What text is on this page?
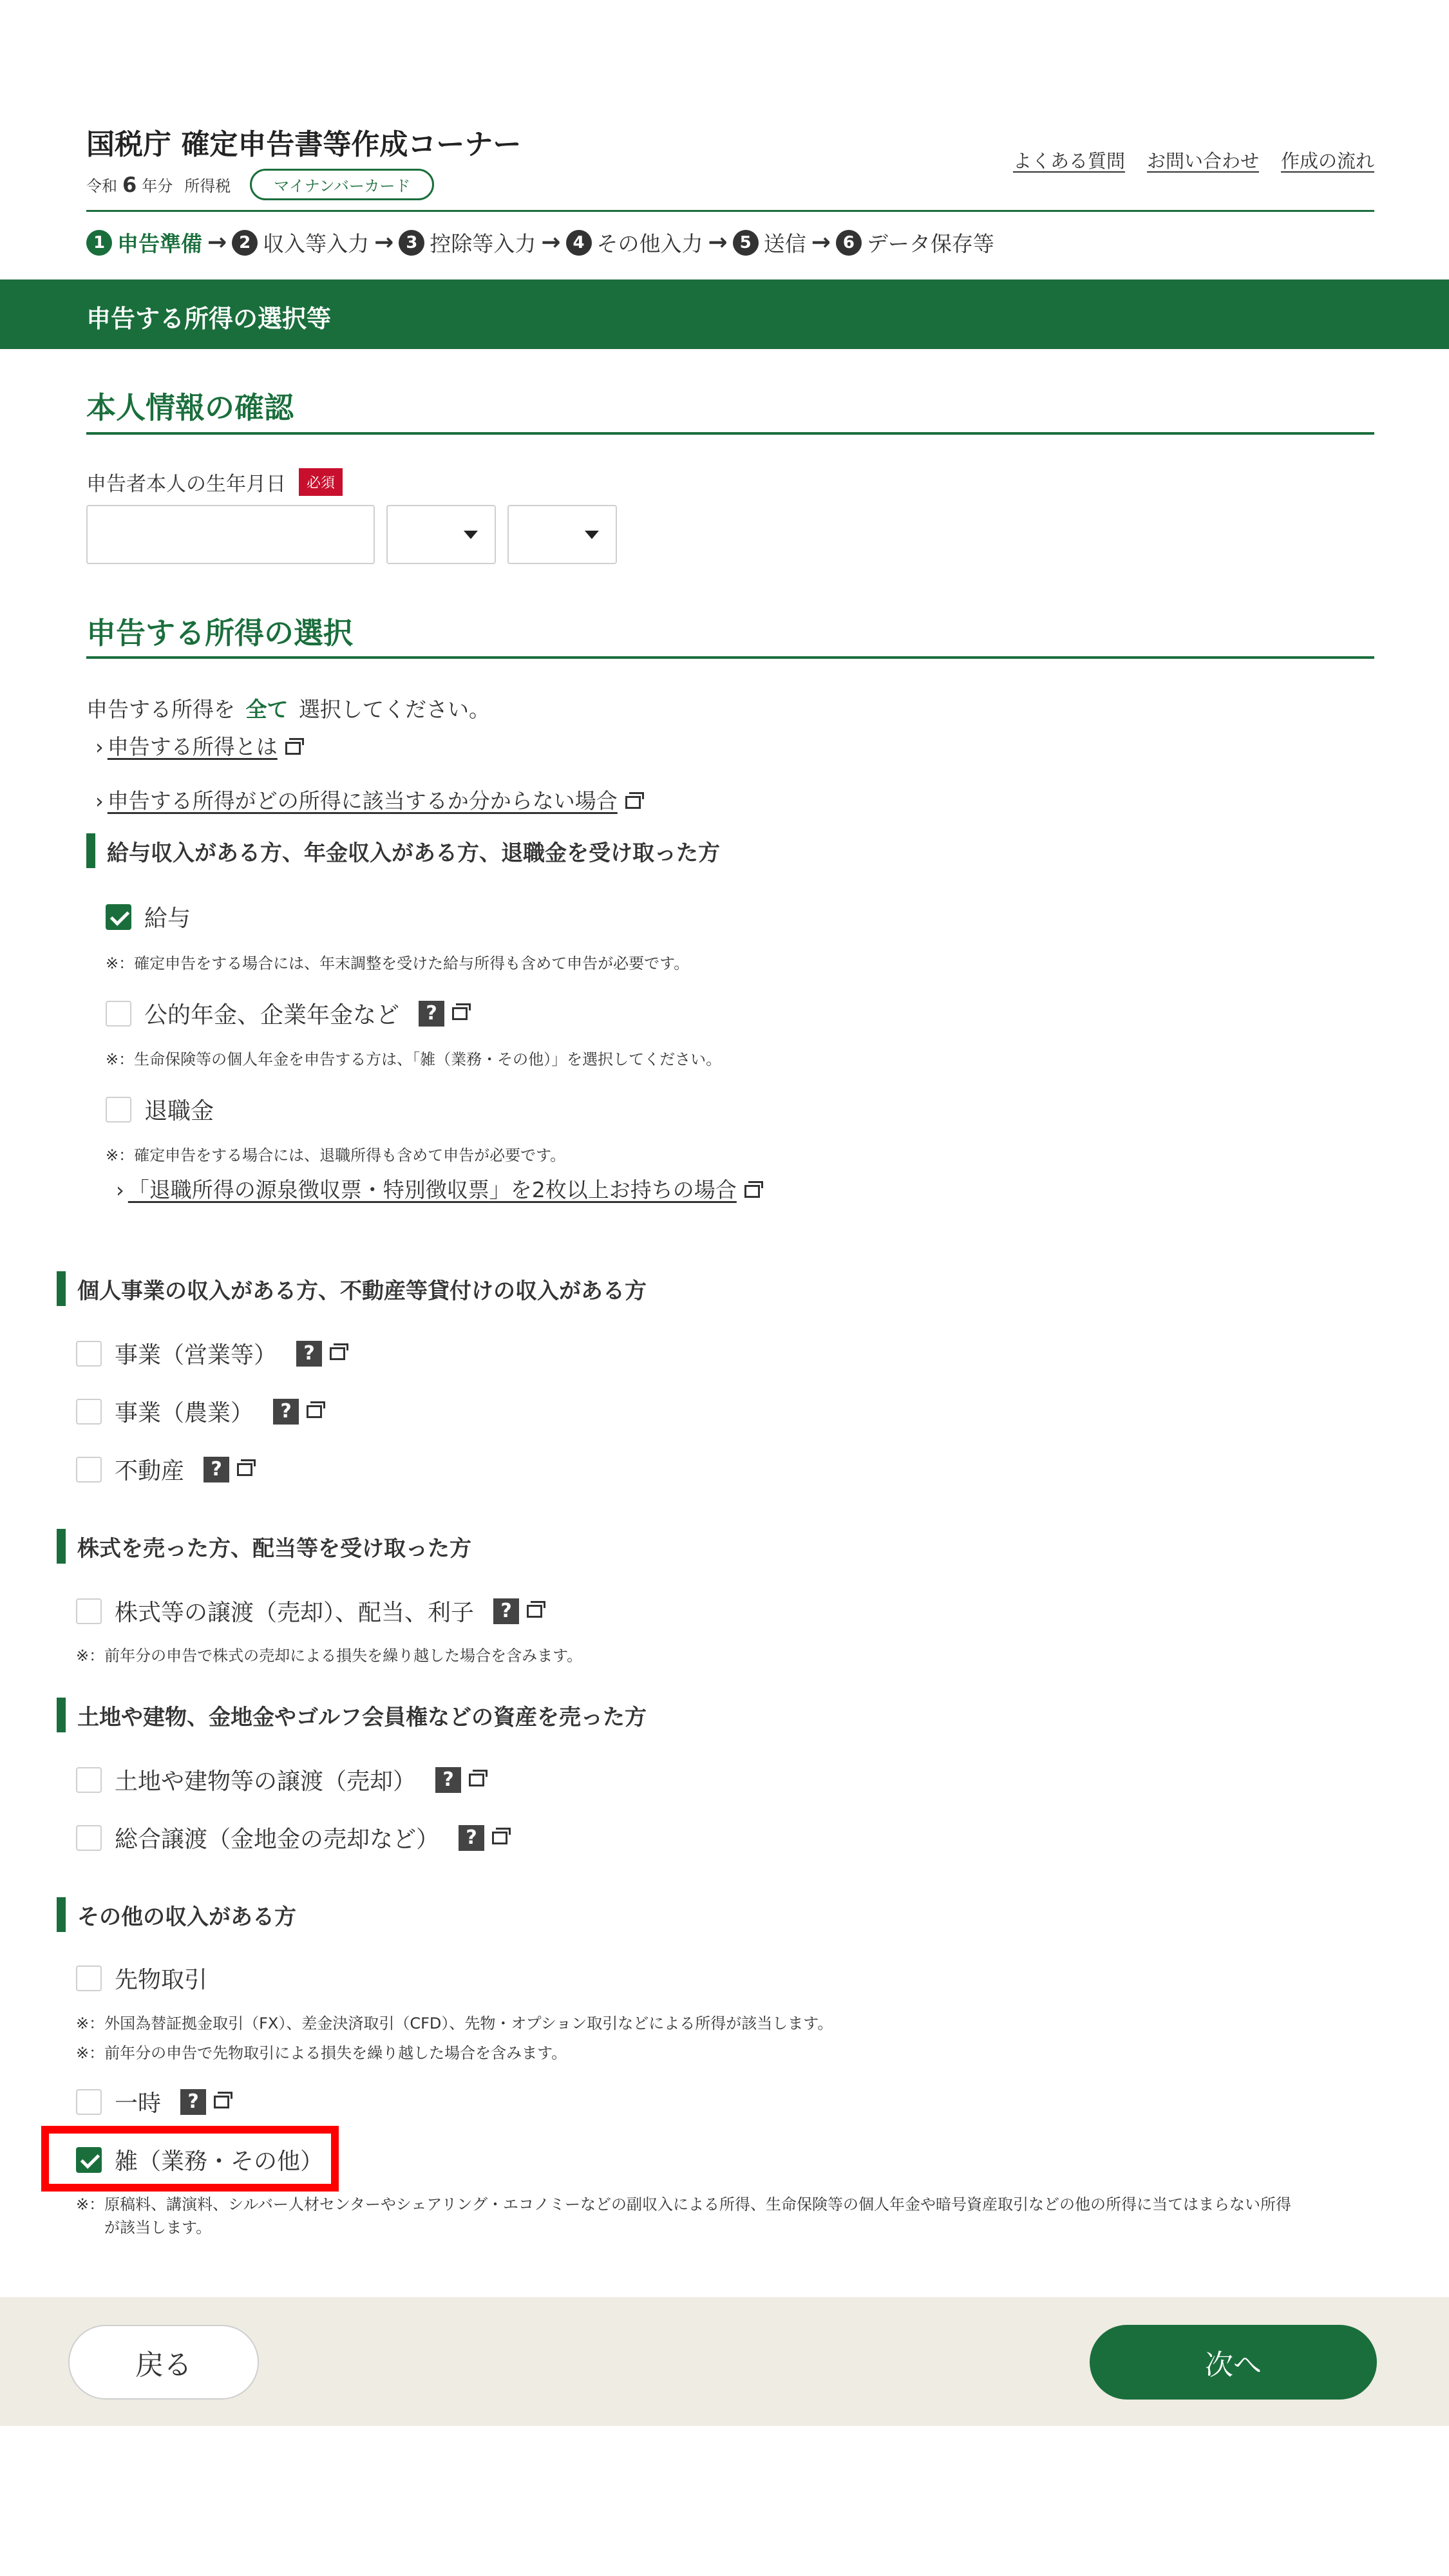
国税庁 確定申告書等作成コーナー
令和 6 年分 所得税	マイナンバーカード
よくある質問 お問い合わせ 作成の流れ
1 申告準備 → 2 収入等入力 → 3 控除等入力 → 4 その他入力 → 5 送信 → 6 データ保存等
申告する所得の選択等
本人情報の確認
申告者本人の生年月日	必須
申告する所得の選択
申告する所得を 全て 選択してください。
› 申告する所得とは
› 申告する所得がどの所得に該当するか分からない場合
給与収入がある方、年金収入がある方、退職金を受け取った方
給与
※：確定申告をする場合には、年末調整を受けた給与所得も含めて申告が必要です。
公的年金、企業年金など	?
※：生命保険等の個人年金を申告する方は、「雑（業務・その他）」を選択してください。
退職金
※：確定申告をする場合には、退職所得も含めて申告が必要です。
› 「退職所得の源泉徴収票・特別徴収票」を2枚以上お持ちの場合
個人事業の収入がある方、不動産等貸付けの収入がある方
事業（営業等）	?
事業（農業）	?
不動産	?
株式を売った方、配当等を受け取った方
株式等の譲渡（売却）、配当、利子	?
※：前年分の申告で株式の売却による損失を繰り越した場合を含みます。
土地や建物、金地金やゴルフ会員権などの資産を売った方
土地や建物等の譲渡（売却）	?
総合譲渡（金地金の売却など）	?
その他の収入がある方
先物取引
※：外国為替証拠金取引（FX）、差金決済取引（CFD）、先物・オプション取引などによる所得が該当します。
※：前年分の申告で先物取引による損失を繰り越した場合を含みます。
一時	?
雑（業務・その他）
※：原稿料、講演料、シルバー人材センターやシェアリング・エコノミーなどの副収入による所得、生命保険等の個人年金や暗号資産取引などの他の所得に当てはまらない所得
が該当します。
戻る	次へ
